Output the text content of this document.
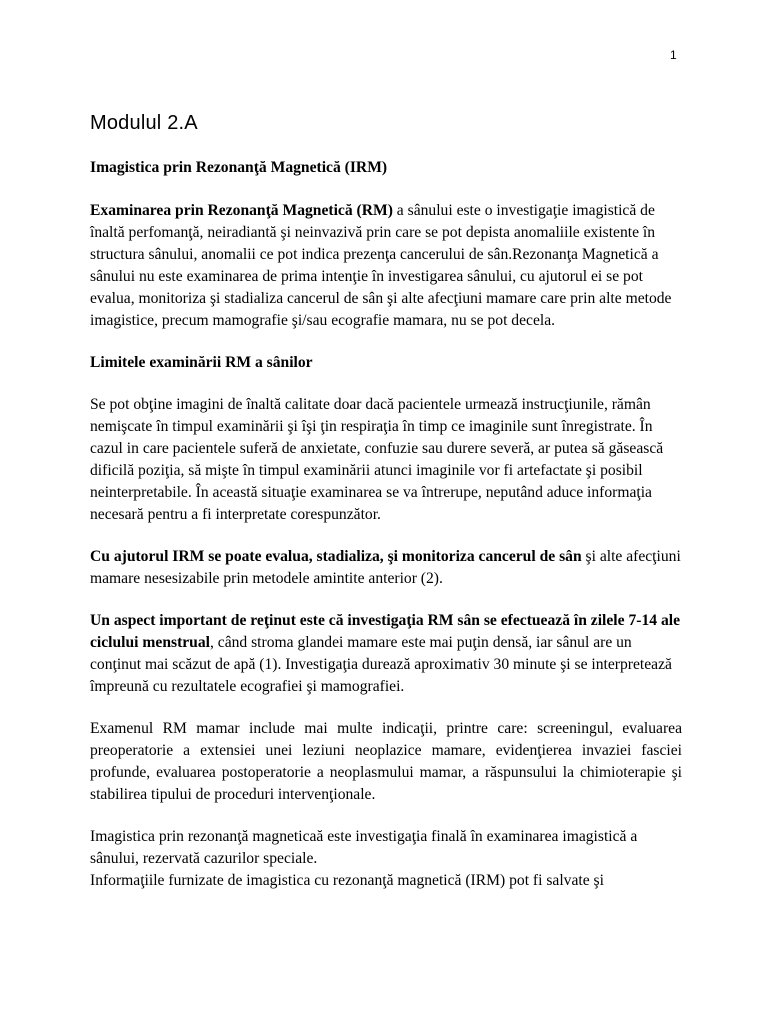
1
Modulul 2.A

Imagistica prin Rezonanţă Magnetică (IRM)

Examinarea prin Rezonanţă Magnetică (RM) a sânului este o investigaţie imagistică de înaltă perfomanţă, neiradiantă şi neinvazivă prin care se pot depista anomaliile existente în structura sânului, anomalii ce pot indica prezenţa cancerului de sân.Rezonanţa Magnetică a sânului nu este examinarea de prima intenţie în investigarea sânului, cu ajutorul ei se pot evalua, monitoriza şi stadializa cancerul de sân şi alte afecţiuni mamare care prin alte metode imagistice, precum mamografie şi/sau ecografie mamara, nu se pot decela.

Limitele examinării RM a sânilor

Se pot obţine imagini de înaltă calitate doar dacă pacientele urmează instrucţiunile, rămân nemişcate în timpul examinării şi îşi ţin respiraţia în timp ce imaginile sunt înregistrate. În cazul in care pacientele suferă de anxietate, confuzie sau durere severă, ar putea să găsească dificilă poziţia, să mişte în timpul examinării atunci imaginile vor fi artefactate şi posibil neinterpretabile. În această situaţie examinarea se va întrerupe, neputând aduce informaţia necesară pentru a fi interpretate corespunzător.

Cu ajutorul IRM se poate evalua, stadializa, şi monitoriza cancerul de sân şi alte afecţiuni mamare nesesizabile prin metodele amintite anterior (2).

Un aspect important de reţinut este că investigaţia RM sân se efectuează în zilele 7-14 ale ciclului menstrual, când stroma glandei mamare este mai puţin densă, iar sânul are un conţinut mai scăzut de apă (1). Investigaţia durează aproximativ 30 minute şi se interpretează împreună cu rezultatele ecografiei şi mamografiei.

Examenul RM mamar include mai multe indicaţii, printre care: screeningul, evaluarea preoperatorie a extensiei unei leziuni neoplazice mamare, evidenţierea invaziei fasciei profunde, evaluarea postoperatorie a neoplasmului mamar, a răspunsului la chimioterapie şi stabilirea tipului de proceduri intervenţionale.

Imagistica prin rezonanţă magneticaă este investigaţia finală în examinarea imagistică a sânului, rezervată cazurilor speciale.

Informaţiile furnizate de imagistica cu rezonanţă magnetică (IRM) pot fi salvate şi
